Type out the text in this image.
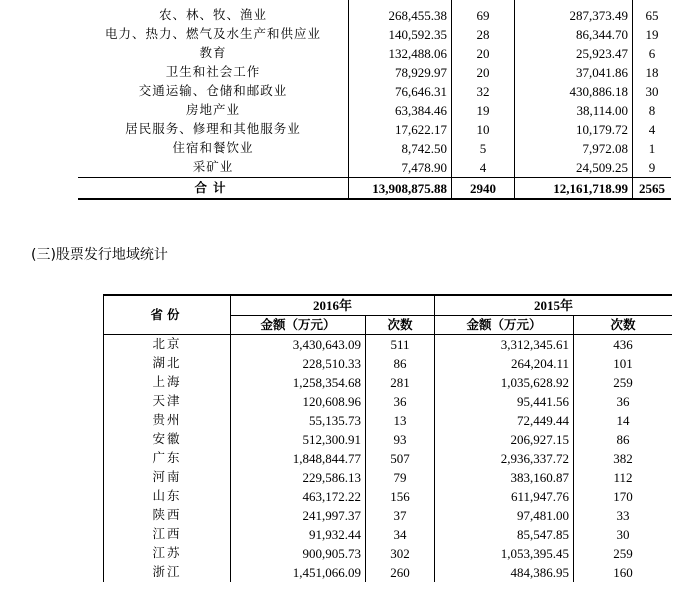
农、林、牧、渔业	268,455.38	69	287,373.49	65
电力、热力、燃气及水生产和供应业	140,592.35	28	86,344.70	19
教育	132,488.06	20	25,923.47	6
卫生和社会工作	78,929.97	20	37,041.86	18
交通运输、仓储和邮政业	76,646.31	32	430,886.18	30
房地产业	63,384.46	19	38,114.00	8
居民服务、修理和其他服务业	17,622.17	10	10,179.72	4
住宿和餐饮业	8,742.50	5	7,972.08	1
采矿业	7,478.90	4	24,509.25	9
合计	13,908,875.88	2940	12,161,718.99	2565
(三)股票发行地域统计
省份	2016年		2015年	
	金额（万元）	次数	金额（万元）	次数
北京	3,430,643.09	511	3,312,345.61	436
湖北	228,510.33	86	264,204.11	101
上海	1,258,354.68	281	1,035,628.92	259
天津	120,608.96	36	95,441.56	36
贵州	55,135.73	13	72,449.44	14
安徽	512,300.91	93	206,927.15	86
广东	1,848,844.77	507	2,936,337.72	382
河南	229,586.13	79	383,160.87	112
山东	463,172.22	156	611,947.76	170
陕西	241,997.37	37	97,481.00	33
江西	91,932.44	34	85,547.85	30
江苏	900,905.73	302	1,053,395.45	259
浙江	1,451,066.09	260	484,386.95	160
